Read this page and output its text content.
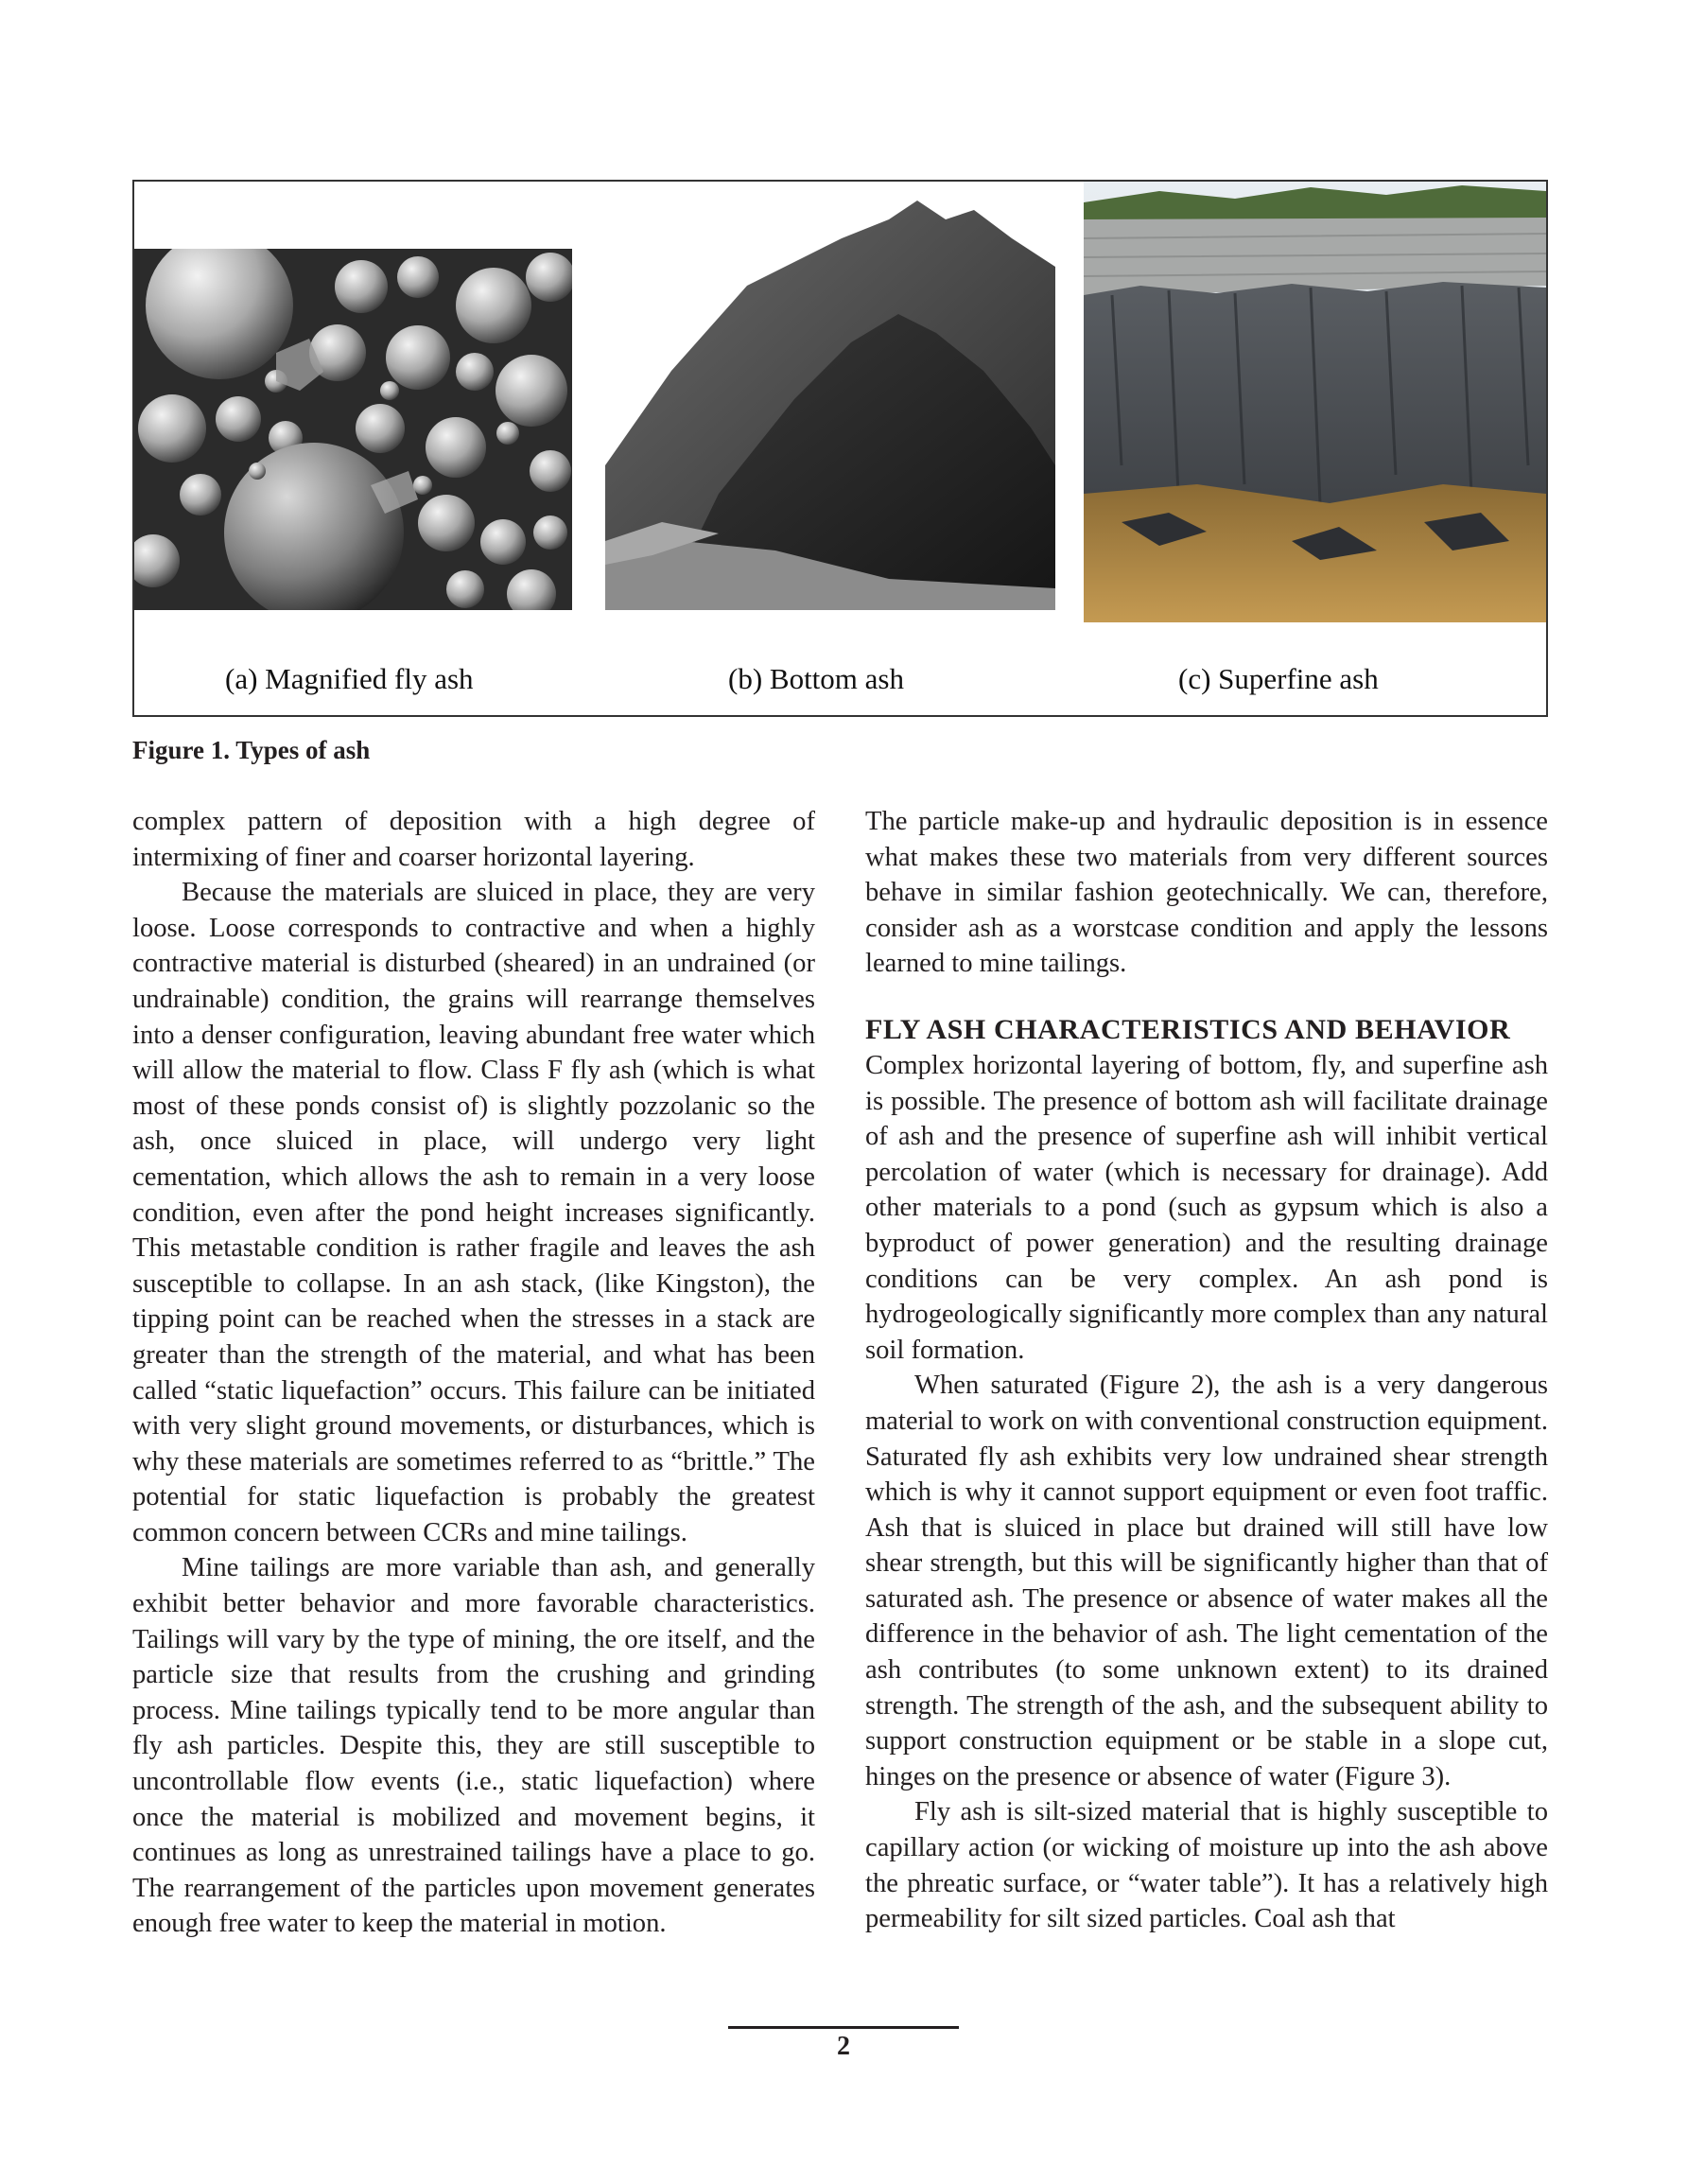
(a) Magnified fly ash	(b) Bottom ash	(c) Superfine ash
Figure 1. Types of ash

complex pattern of deposition with a high degree of intermixing of finer and coarser horizontal layering.

Because the materials are sluiced in place, they are very loose. Loose corresponds to contractive and when a highly contractive material is disturbed (sheared) in an undrained (or undrainable) condition, the grains will rearrange themselves into a denser configuration, leaving abundant free water which will allow the material to flow. Class F fly ash (which is what most of these ponds consist of) is slightly pozzolanic so the ash, once sluiced in place, will undergo very light cementation, which allows the ash to remain in a very loose condition, even after the pond height increases significantly. This metastable condition is rather fragile and leaves the ash susceptible to collapse. In an ash stack, (like Kingston), the tipping point can be reached when the stresses in a stack are greater than the strength of the material, and what has been called “static liquefaction” occurs. This failure can be initiated with very slight ground movements, or disturbances, which is why these materials are sometimes referred to as “brittle.” The potential for static liquefaction is probably the greatest common concern between CCRs and mine tailings.

Mine tailings are more variable than ash, and generally exhibit better behavior and more favorable characteristics. Tailings will vary by the type of mining, the ore itself, and the particle size that results from the crushing and grinding process. Mine tailings typically tend to be more angular than fly ash particles. Despite this, they are still susceptible to uncontrollable flow events (i.e., static liquefaction) where once the material is mobilized and movement begins, it continues as long as unrestrained tailings have a place to go. The rearrangement of the particles upon movement generates enough free water to keep the material in motion.

The particle make-up and hydraulic deposition is in essence what makes these two materials from very different sources behave in similar fashion geotechnically. We can, therefore, consider ash as a worstcase condition and apply the lessons learned to mine tailings.

FLY ASH CHARACTERISTICS AND BEHAVIOR

Complex horizontal layering of bottom, fly, and superfine ash is possible. The presence of bottom ash will facilitate drainage of ash and the presence of superfine ash will inhibit vertical percolation of water (which is necessary for drainage). Add other materials to a pond (such as gypsum which is also a byproduct of power generation) and the resulting drainage conditions can be very complex. An ash pond is hydrogeologically significantly more complex than any natural soil formation.

When saturated (Figure 2), the ash is a very dangerous material to work on with conventional construction equipment. Saturated fly ash exhibits very low undrained shear strength which is why it cannot support equipment or even foot traffic. Ash that is sluiced in place but drained will still have low shear strength, but this will be significantly higher than that of saturated ash. The presence or absence of water makes all the difference in the behavior of ash. The light cementation of the ash contributes (to some unknown extent) to its drained strength. The strength of the ash, and the subsequent ability to support construction equipment or be stable in a slope cut, hinges on the presence or absence of water (Figure 3).

Fly ash is silt-sized material that is highly susceptible to capillary action (or wicking of moisture up into the ash above the phreatic surface, or “water table”). It has a relatively high permeability for silt sized particles. Coal ash that

2
